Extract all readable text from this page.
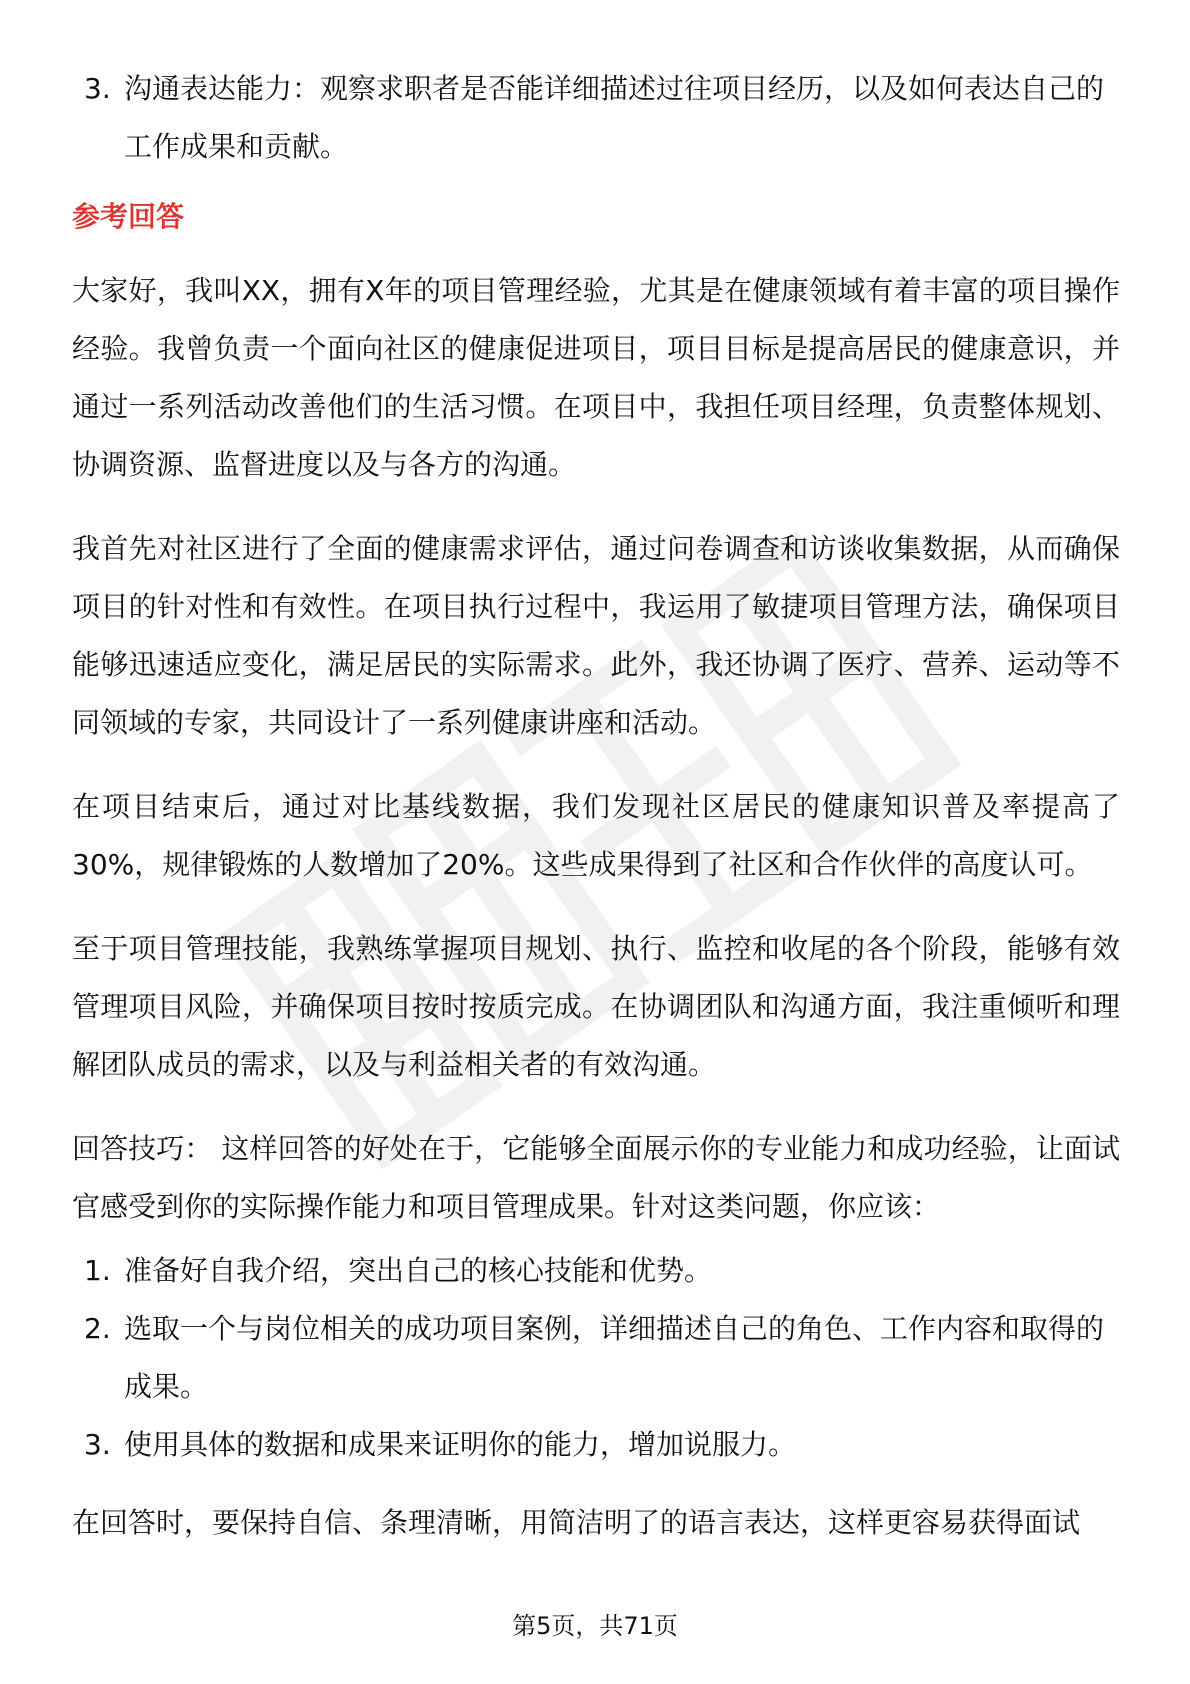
3. 沟通表达能力：观察求职者是否能详细描述过往项目经历，以及如何表达自己的工作成果和贡献。
参考回答

大家好，我叫XX，拥有X年的项目管理经验，尤其是在健康领域有着丰富的项目操作经验。我曾负责一个面向社区的健康促进项目，项目目标是提高居民的健康意识，并通过一系列活动改善他们的生活习惯。在项目中，我担任项目经理，负责整体规划、协调资源、监督进度以及与各方的沟通。

我首先对社区进行了全面的健康需求评估，通过问卷调查和访谈收集数据，从而确保项目的针对性和有效性。在项目执行过程中，我运用了敏捷项目管理方法，确保项目能够迅速适应变化，满足居民的实际需求。此外，我还协调了医疗、营养、运动等不同领域的专家，共同设计了一系列健康讲座和活动。

在项目结束后，通过对比基线数据，我们发现社区居民的健康知识普及率提高了30%，规律锻炼的人数增加了20%。这些成果得到了社区和合作伙伴的高度认可。

至于项目管理技能，我熟练掌握项目规划、执行、监控和收尾的各个阶段，能够有效管理项目风险，并确保项目按时按质完成。在协调团队和沟通方面，我注重倾听和理解团队成员的需求，以及与利益相关者的有效沟通。

回答技巧： 这样回答的好处在于，它能够全面展示你的专业能力和成功经验，让面试官感受到你的实际操作能力和项目管理成果。针对这类问题，你应该：

1. 准备好自我介绍，突出自己的核心技能和优势。
2. 选取一个与岗位相关的成功项目案例，详细描述自己的角色、工作内容和取得的成果。
3. 使用具体的数据和成果来证明你的能力，增加说服力。

在回答时，要保持自信、条理清晰，用简洁明了的语言表达，这样更容易获得面试

第5页，共71页
